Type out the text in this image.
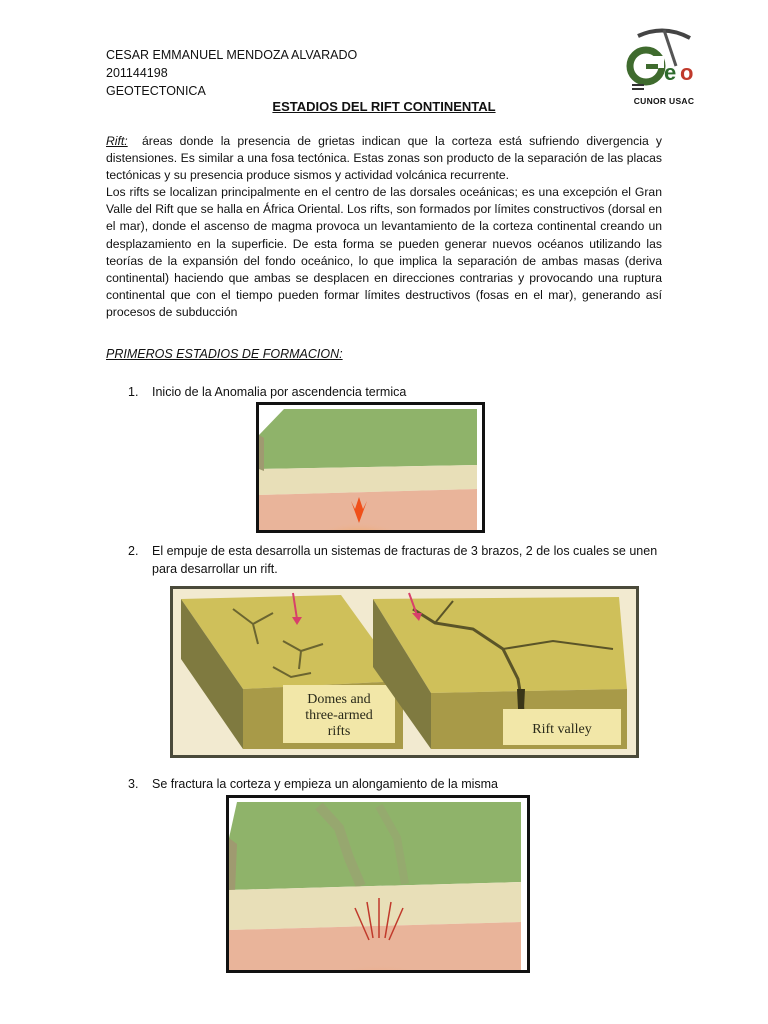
CESAR EMMANUEL MENDOZA ALVARADO
201144198
GEOTECTONICA
e o
CUNOR USAC
ESTADIOS DEL RIFT CONTINENTAL

Rift: áreas donde la presencia de grietas indican que la corteza está sufriendo divergencia y distensiones. Es similar a una fosa tectónica. Estas zonas son producto de la separación de las placas tectónicas y su presencia produce sismos y actividad volcánica recurrente.

Los rifts se localizan principalmente en el centro de las dorsales oceánicas; es una excepción el Gran Valle del Rift que se halla en África Oriental. Los rifts, son formados por límites constructivos (dorsal en el mar), donde el ascenso de magma provoca un levantamiento de la corteza continental creando un desplazamiento en la superficie. De esta forma se pueden generar nuevos océanos utilizando las teorías de la expansión del fondo oceánico, lo que implica la separación de ambas masas (deriva continental) haciendo que ambas se desplacen en direcciones contrarias y provocando una ruptura continental que con el tiempo pueden formar límites destructivos (fosas en el mar), generando así procesos de subducción

PRIMEROS ESTADIOS DE FORMACION:
1.	Inicio de la Anomalia por ascendencia termica
2.	El empuje de esta desarrolla un sistemas de fracturas de 3 brazos, 2 de los cuales se unen para desarrollar un rift.
Domes and
three-armed
rifts	Rift valley
3.	Se fractura la corteza y empieza un alongamiento de la misma
